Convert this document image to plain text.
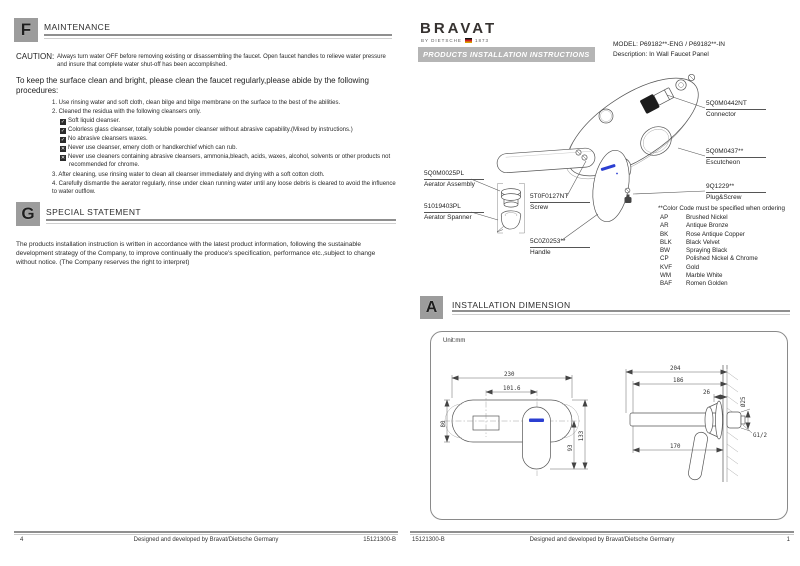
F	MAINTENANCE
CAUTION: Always turn water OFF before removing existing or disassembling the faucet. Open faucet handles to relieve water pressure and insure that complete water shut-off has been accomplished.
To keep the surface clean and bright, please clean the faucet regularly,please abide by the following procedures:
1. Use rinsing water and soft cloth, clean bilge and bilge membrane on the surface to the best of the abilities.
2. Cleaned the residua with the following cleansers only.
✓ Soft liquid cleanser.
✓ Colorless glass cleanser, totally soluble powder cleanser without abrasive capability.(Mixed by instructions.)
✓ No abrasive cleansers waxes.
✕ Never use cleanser, emery cloth or handkerchief which can rub.
✕ Never use cleaners containing abrasive cleansers, ammonia,bleach, acids, waxes, alcohol, solvents or other products not recommended for chrome.
3. After cleaning, use rinsing water to clean all cleanser immediately and drying with a soft cotton cloth.
4. Carefully dismantle the aerator regularly, rinse under clean running water until any loose debris is cleared to avoid the influence to water outflow.
G	SPECIAL STATEMENT
The products installation instruction is written in accordance with the latest product information, following the sustainable development strategy of the Company, to improve continually the produce's specification, performance etc.,subject to change without notice. (The Company reserves the right to interpret)
4	Designed and developed by Bravat/Dietsche Germany	15121300-B
BRAVAT
BY DIETSCHE	1873
PRODUCTS INSTALLATION INSTRUCTIONS
MODEL: P69182**-ENG / P69182**-IN
Description: In Wall Faucet Panel
5Q0M0025PL
Aerator Assembly
51019403PL
Aerator Spanner
5T0F0127NT
Screw
5C0Z0253**
Handle
5Q0M0442NT
Connector
5Q0M0437**
Escutcheon
9Q1229**
Plug&Screw
**Color Code must be specified when ordering
AP	Brushed Nickel
AR	Antique Bronze
BK	Rose Antique Copper
BLK	Black Velvet
BW	Spraying Black
CP	Polished Nickel & Chrome
KVF	Gold
WM	Marble White
BAF	Romen Golden
A	INSTALLATION DIMENSION
Unit:mm
230
101.6
80
93
133
204
186
26
Ø25
G1/2
170
15121300-B	Designed and developed by Bravat/Dietsche Germany	1
